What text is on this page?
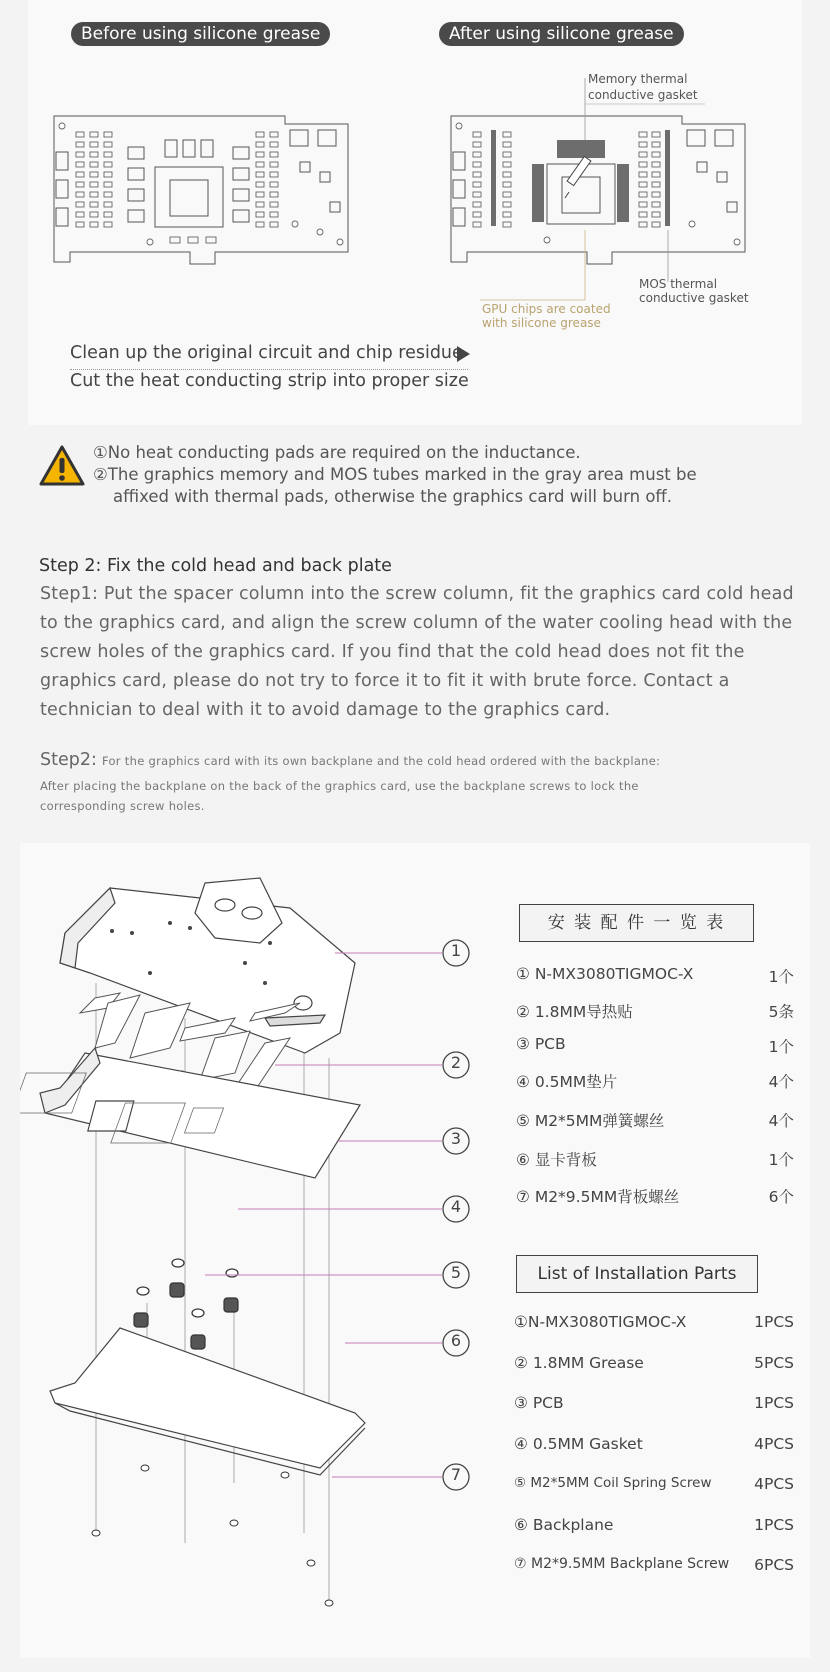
Before using silicone grease	After using silicone grease
Memory thermal
conductive gasket
MOS thermal
conductive gasket
GPU chips are coated
with silicone grease
Clean up the original circuit and chip residue
Cut the heat conducting strip into proper size
①No heat conducting pads are required on the inductance.
②The graphics memory and MOS tubes marked in the gray area must be
affixed with thermal pads, otherwise the graphics card will burn off.
Step 2: Fix the cold head and back plate
Step1: Put the spacer column into the screw column, fit the graphics card cold head
to the graphics card, and align the screw column of the water cooling head with the
screw holes of the graphics card. If you find that the cold head does not fit the
graphics card, please do not try to force it to fit it with brute force. Contact a
technician to deal with it to avoid damage to the graphics card.
Step2: For the graphics card with its own backplane and the cold head ordered with the backplane:
After placing the backplane on the back of the graphics card, use the backplane screws to lock the
corresponding screw holes.
1
2
3
4
5
6
7
安 装 配 件 一 览 表
① N-MX3080TIGMOC-X	1个
② 1.8MM导热贴	5条
③ PCB	1个
④ 0.5MM垫片	4个
⑤ M2*5MM弹簧螺丝	4个
⑥ 显卡背板	1个
⑦ M2*9.5MM背板螺丝	6个
List of Installation Parts
①N-MX3080TIGMOC-X	1PCS
② 1.8MM Grease	5PCS
③ PCB	1PCS
④ 0.5MM Gasket	4PCS
⑤ M2*5MM Coil Spring Screw	4PCS
⑥ Backplane	1PCS
⑦ M2*9.5MM Backplane Screw 6PCS
